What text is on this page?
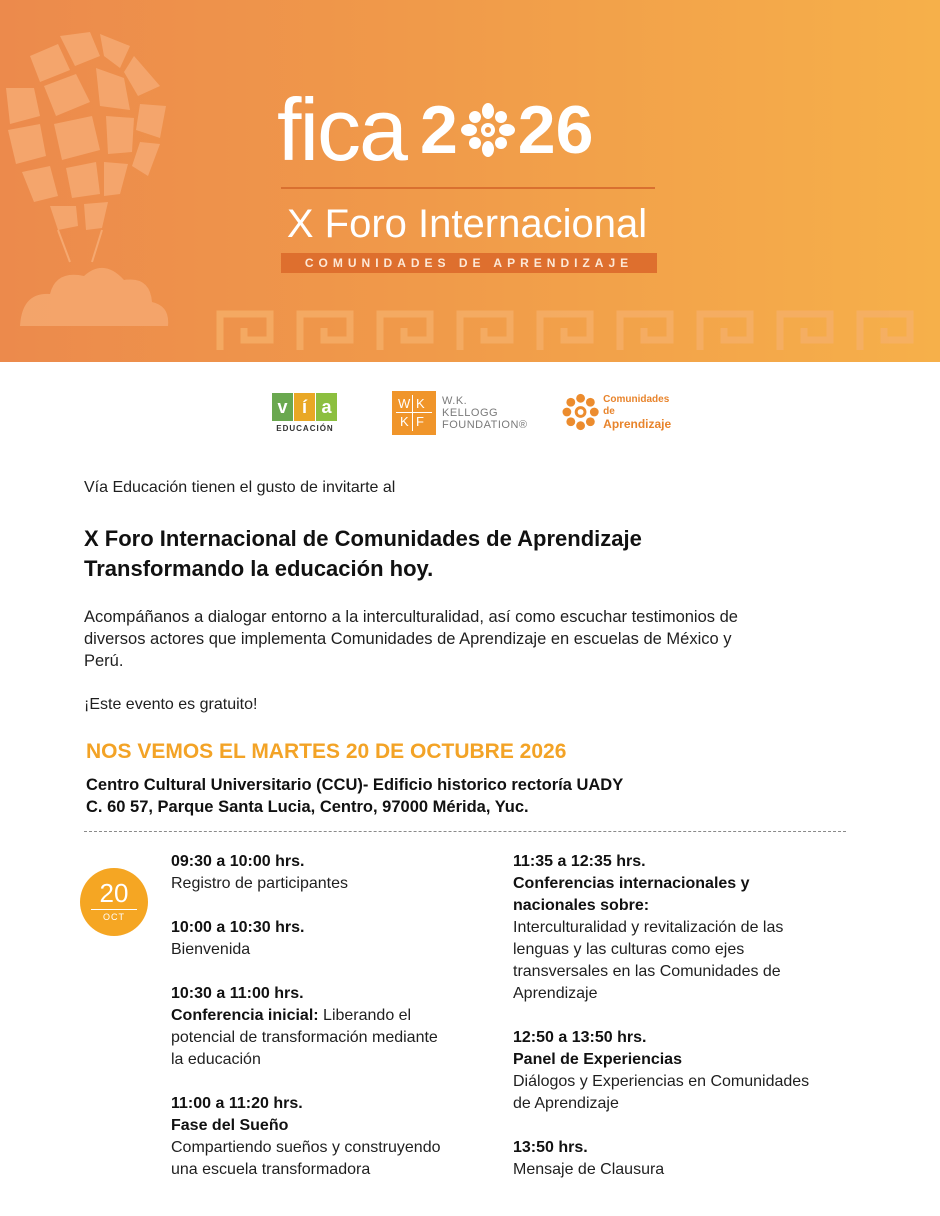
fica 2 26
X Foro Internacional
COMUNIDADES DE APRENDIZAJE
v í a
EDUCACIÓN
W K
K F
W.K.
KELLOGG
FOUNDATION®
Comunidades de
Aprendizaje
Vía Educación tienen el gusto de invitarte al
X Foro Internacional de Comunidades de Aprendizaje
Transformando la educación hoy.
Acompáñanos a dialogar entorno a la interculturalidad, así como escuchar testimonios de
diversos actores que implementa Comunidades de Aprendizaje en escuelas de México y
Perú.
¡Este evento es gratuito!
NOS VEMOS EL MARTES 20 DE OCTUBRE 2026
Centro Cultural Universitario (CCU)- Edificio historico rectoría UADY
C. 60 57, Parque Santa Lucia, Centro, 97000 Mérida, Yuc.
20
OCT
09:30 a 10:00 hrs.
Registro de participantes
10:00 a 10:30 hrs.
Bienvenida
10:30 a 11:00 hrs.
Conferencia inicial: Liberando el
potencial de transformación mediante
la educación
11:00 a 11:20 hrs.
Fase del Sueño
Compartiendo sueños y construyendo
una escuela transformadora
11:35 a 12:35 hrs.
Conferencias internacionales y
nacionales sobre:
Interculturalidad y revitalización de las
lenguas y las culturas como ejes
transversales en las Comunidades de
Aprendizaje
12:50 a 13:50 hrs.
Panel de Experiencias
Diálogos y Experiencias en Comunidades
de Aprendizaje
13:50 hrs.
Mensaje de Clausura
